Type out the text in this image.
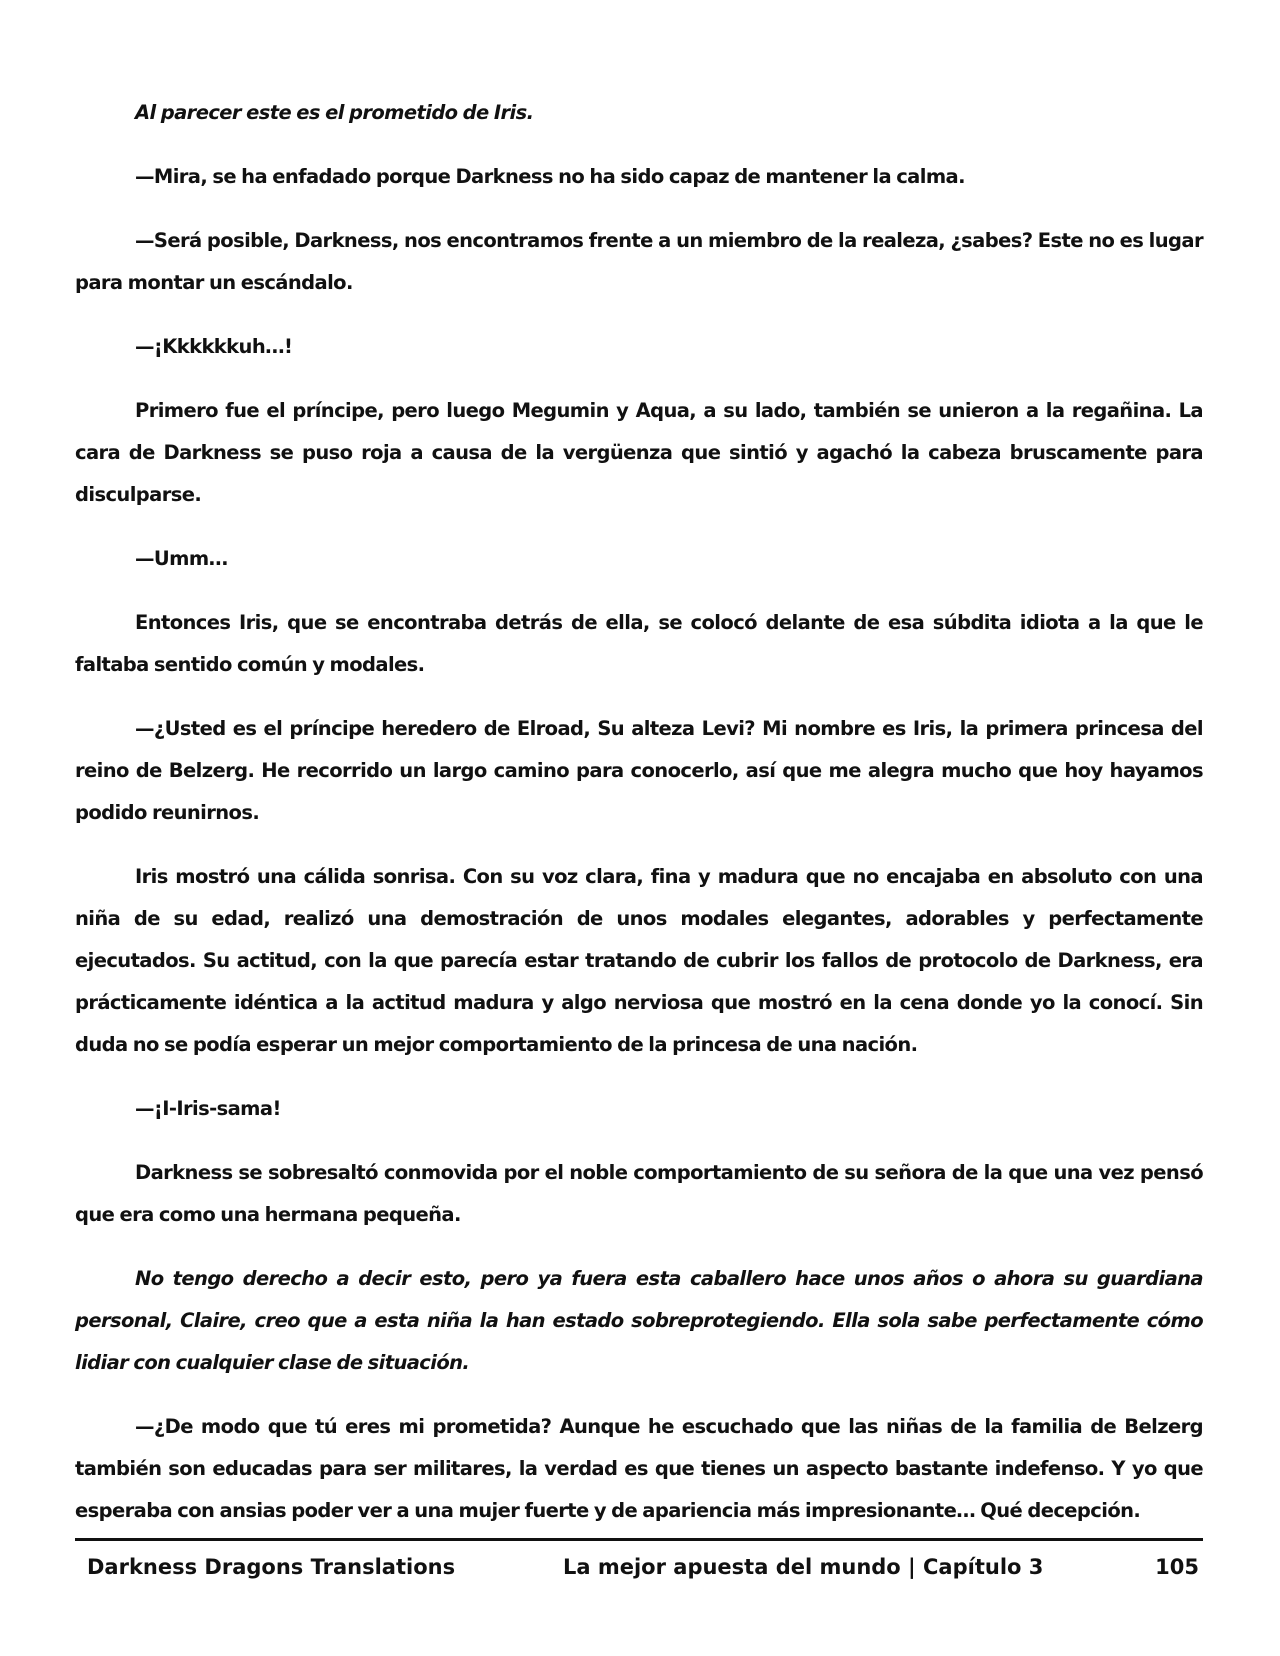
Al parecer este es el prometido de Iris.

—Mira, se ha enfadado porque Darkness no ha sido capaz de mantener la calma.

—Será posible, Darkness, nos encontramos frente a un miembro de la realeza, ¿sabes? Este no es lugar para montar un escándalo.

—¡Kkkkkkuh…!

Primero fue el príncipe, pero luego Megumin y Aqua, a su lado, también se unieron a la regañina. La cara de Darkness se puso roja a causa de la vergüenza que sintió y agachó la cabeza bruscamente para disculparse.

—Umm…

Entonces Iris, que se encontraba detrás de ella, se colocó delante de esa súbdita idiota a la que le faltaba sentido común y modales.

—¿Usted es el príncipe heredero de Elroad, Su alteza Levi? Mi nombre es Iris, la primera princesa del reino de Belzerg. He recorrido un largo camino para conocerlo, así que me alegra mucho que hoy hayamos podido reunirnos.

Iris mostró una cálida sonrisa. Con su voz clara, fina y madura que no encajaba en absoluto con una niña de su edad, realizó una demostración de unos modales elegantes, adorables y perfectamente ejecutados. Su actitud, con la que parecía estar tratando de cubrir los fallos de protocolo de Darkness, era prácticamente idéntica a la actitud madura y algo nerviosa que mostró en la cena donde yo la conocí. Sin duda no se podía esperar un mejor comportamiento de la princesa de una nación.

—¡I-Iris-sama!

Darkness se sobresaltó conmovida por el noble comportamiento de su señora de la que una vez pensó que era como una hermana pequeña.

No tengo derecho a decir esto, pero ya fuera esta caballero hace unos años o ahora su guardiana personal, Claire, creo que a esta niña la han estado sobreprotegiendo. Ella sola sabe perfectamente cómo lidiar con cualquier clase de situación.

—¿De modo que tú eres mi prometida? Aunque he escuchado que las niñas de la familia de Belzerg también son educadas para ser militares, la verdad es que tienes un aspecto bastante indefenso. Y yo que esperaba con ansias poder ver a una mujer fuerte y de apariencia más impresionante… Qué decepción.

Darkness Dragons Translations	La mejor apuesta del mundo | Capítulo 3	105
